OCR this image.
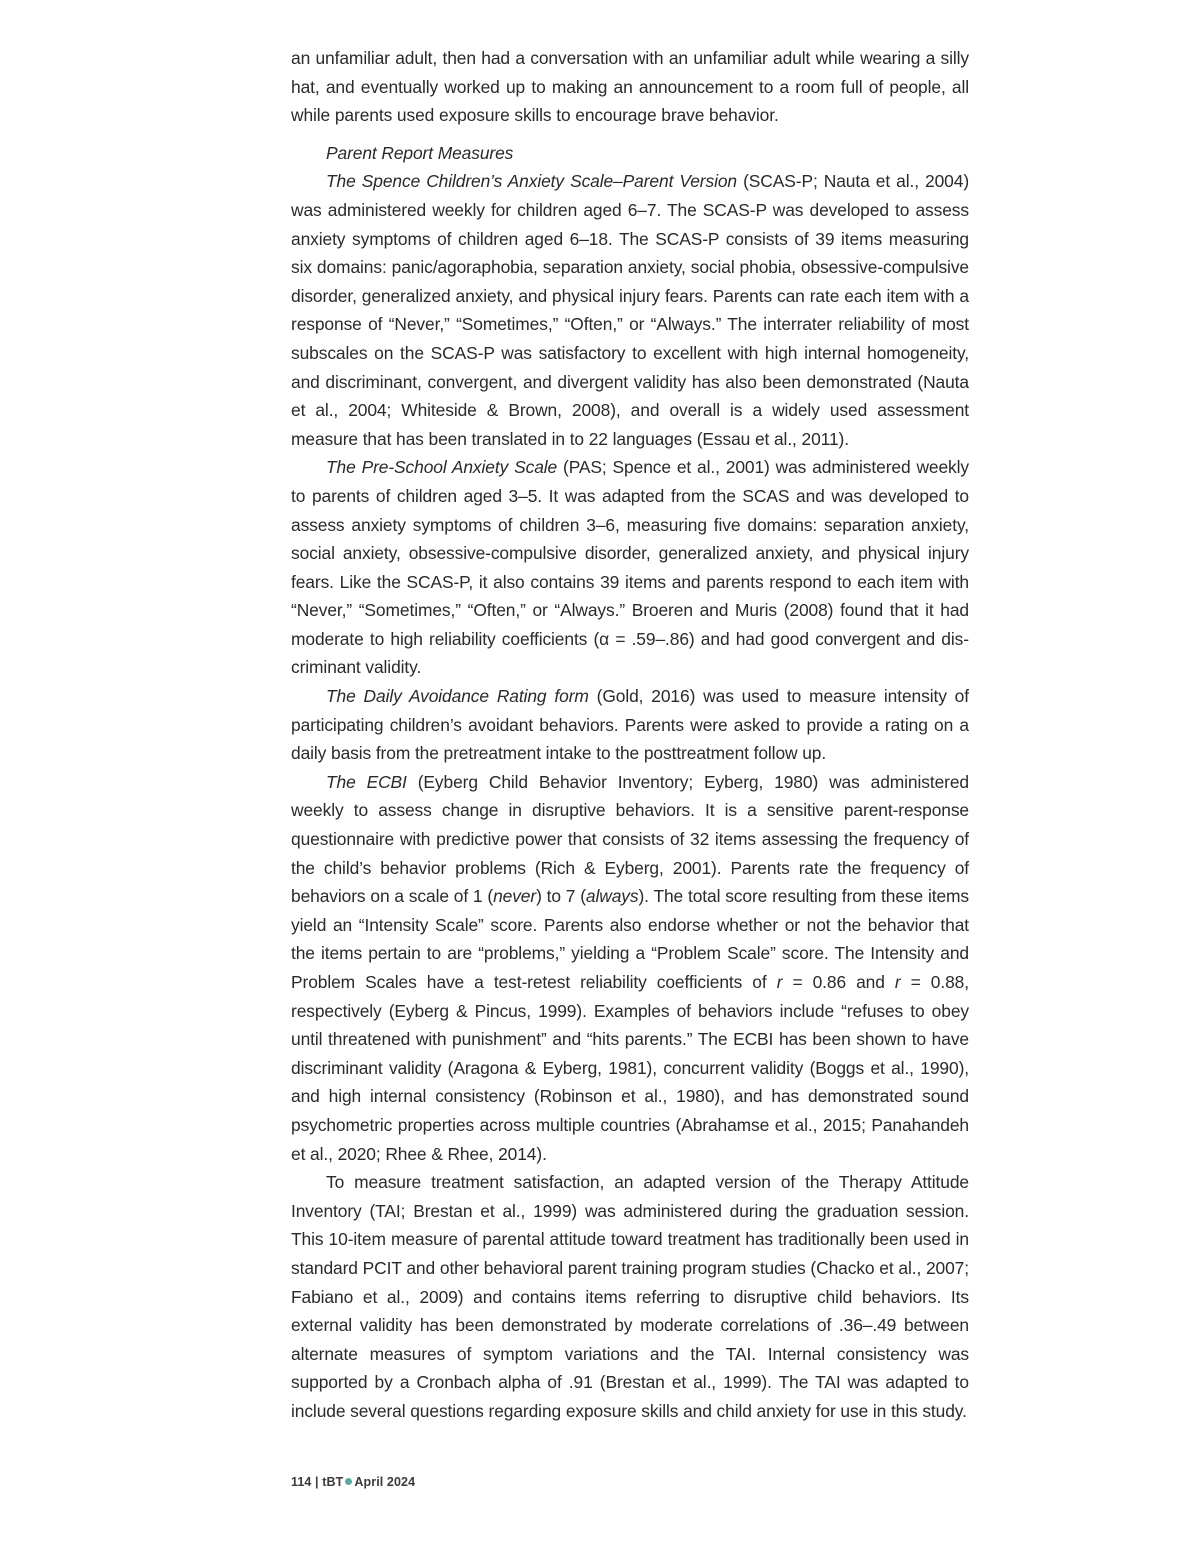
an unfamiliar adult, then had a conversation with an unfamiliar adult while wearing a silly hat, and eventually worked up to making an announcement to a room full of people, all while parents used exposure skills to encourage brave behavior.

Parent Report Measures

The Spence Children’s Anxiety Scale–Parent Version (SCAS-P; Nauta et al., 2004) was administered weekly for children aged 6–7. The SCAS-P was developed to assess anxiety symptoms of children aged 6–18. The SCAS-P consists of 39 items measuring six domains: panic/agoraphobia, separation anxiety, social phobia, obsessive-compulsive disorder, generalized anxiety, and physical injury fears. Parents can rate each item with a response of “Never,” “Sometimes,” “Often,” or “Always.” The interrater reliability of most subscales on the SCAS-P was satisfactory to excellent with high internal homogeneity, and discriminant, convergent, and divergent validity has also been demonstrated (Nauta et al., 2004; Whiteside & Brown, 2008), and overall is a widely used assessment measure that has been translated in to 22 languages (Essau et al., 2011).

The Pre-School Anxiety Scale (PAS; Spence et al., 2001) was administered weekly to parents of children aged 3–5. It was adapted from the SCAS and was developed to assess anxiety symptoms of children 3–6, measuring five domains: separation anxiety, social anxiety, obsessive-compulsive disorder, generalized anxiety, and physical injury fears. Like the SCAS-P, it also contains 39 items and parents respond to each item with “Never,” “Sometimes,” “Often,” or “Always.” Broeren and Muris (2008) found that it had moderate to high reliability coefficients (α = .59–.86) and had good convergent and discriminant validity.

The Daily Avoidance Rating form (Gold, 2016) was used to measure intensity of participating children’s avoidant behaviors. Parents were asked to provide a rating on a daily basis from the pretreatment intake to the posttreatment follow up.

The ECBI (Eyberg Child Behavior Inventory; Eyberg, 1980) was administered weekly to assess change in disruptive behaviors. It is a sensitive parent-response questionnaire with predictive power that consists of 32 items assessing the frequency of the child’s behavior problems (Rich & Eyberg, 2001). Parents rate the frequency of behaviors on a scale of 1 (never) to 7 (always). The total score resulting from these items yield an “Intensity Scale” score. Parents also endorse whether or not the behavior that the items pertain to are “problems,” yielding a “Problem Scale” score. The Intensity and Problem Scales have a test-retest reliability coefficients of r = 0.86 and r = 0.88, respectively (Eyberg & Pincus, 1999). Examples of behaviors include “refuses to obey until threatened with punishment” and “hits parents.” The ECBI has been shown to have discriminant validity (Aragona & Eyberg, 1981), concurrent validity (Boggs et al., 1990), and high internal consistency (Robinson et al., 1980), and has demonstrated sound psychometric properties across multiple countries (Abrahamse et al., 2015; Panahandeh et al., 2020; Rhee & Rhee, 2014).

To measure treatment satisfaction, an adapted version of the Therapy Attitude Inventory (TAI; Brestan et al., 1999) was administered during the graduation session. This 10-item measure of parental attitude toward treatment has traditionally been used in standard PCIT and other behavioral parent training program studies (Chacko et al., 2007; Fabiano et al., 2009) and contains items referring to disruptive child behaviors. Its external validity has been demonstrated by moderate correlations of .36–.49 between alternate measures of symptom variations and the TAI. Internal consistency was supported by a Cronbach alpha of .91 (Brestan et al., 1999). The TAI was adapted to include several questions regarding exposure skills and child anxiety for use in this study.

114 | tBT April 2024
